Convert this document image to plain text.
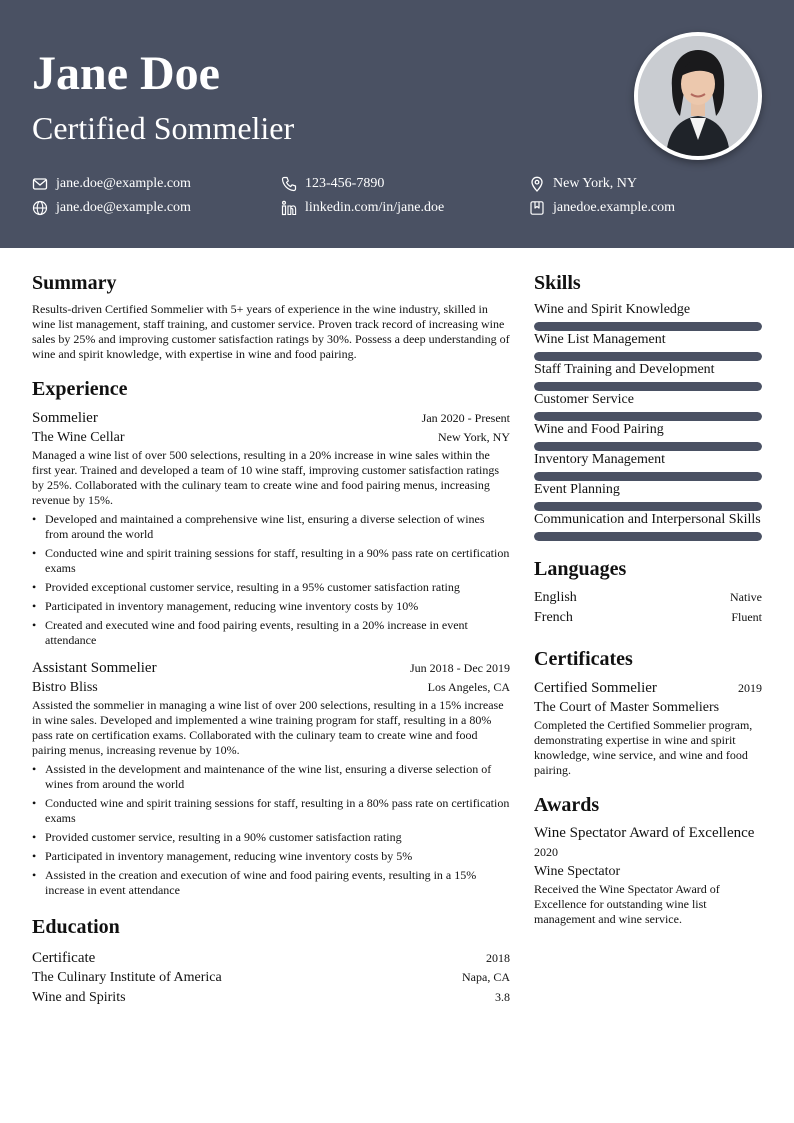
Jane Doe
Certified Sommelier
jane.doe@example.com	123-456-7890	New York, NY
jane.doe@example.com	linkedin.com/in/jane.doe	janedoe.example.com
Summary
Results-driven Certified Sommelier with 5+ years of experience in the wine industry, skilled in wine list management, staff training, and customer service. Proven track record of increasing wine sales by 25% and improving customer satisfaction ratings by 30%. Possess a deep understanding of wine and spirit knowledge, with expertise in wine and food pairing.
Experience
Sommelier	Jan 2020 - Present
The Wine Cellar	New York, NY
Managed a wine list of over 500 selections, resulting in a 20% increase in wine sales within the first year. Trained and developed a team of 10 wine staff, improving customer satisfaction ratings by 25%. Collaborated with the culinary team to create wine and food pairing menus, increasing revenue by 15%.
• Developed and maintained a comprehensive wine list, ensuring a diverse selection of wines from around the world
• Conducted wine and spirit training sessions for staff, resulting in a 90% pass rate on certification exams
• Provided exceptional customer service, resulting in a 95% customer satisfaction rating
• Participated in inventory management, reducing wine inventory costs by 10%
• Created and executed wine and food pairing events, resulting in a 20% increase in event attendance
Assistant Sommelier	Jun 2018 - Dec 2019
Bistro Bliss	Los Angeles, CA
Assisted the sommelier in managing a wine list of over 200 selections, resulting in a 15% increase in wine sales. Developed and implemented a wine training program for staff, resulting in a 80% pass rate on certification exams. Collaborated with the culinary team to create wine and food pairing menus, increasing revenue by 10%.
• Assisted in the development and maintenance of the wine list, ensuring a diverse selection of wines from around the world
• Conducted wine and spirit training sessions for staff, resulting in a 80% pass rate on certification exams
• Provided customer service, resulting in a 90% customer satisfaction rating
• Participated in inventory management, reducing wine inventory costs by 5%
• Assisted in the creation and execution of wine and food pairing events, resulting in a 15% increase in event attendance
Education
Certificate	2018
The Culinary Institute of America	Napa, CA
Wine and Spirits	3.8
Skills
Wine and Spirit Knowledge
Wine List Management
Staff Training and Development
Customer Service
Wine and Food Pairing
Inventory Management
Event Planning
Communication and Interpersonal Skills
Languages
English	Native
French	Fluent
Certificates
Certified Sommelier	2019
The Court of Master Sommeliers
Completed the Certified Sommelier program, demonstrating expertise in wine and spirit knowledge, wine service, and wine and food pairing.
Awards
Wine Spectator Award of Excellence
2020
Wine Spectator
Received the Wine Spectator Award of Excellence for outstanding wine list management and wine service.
